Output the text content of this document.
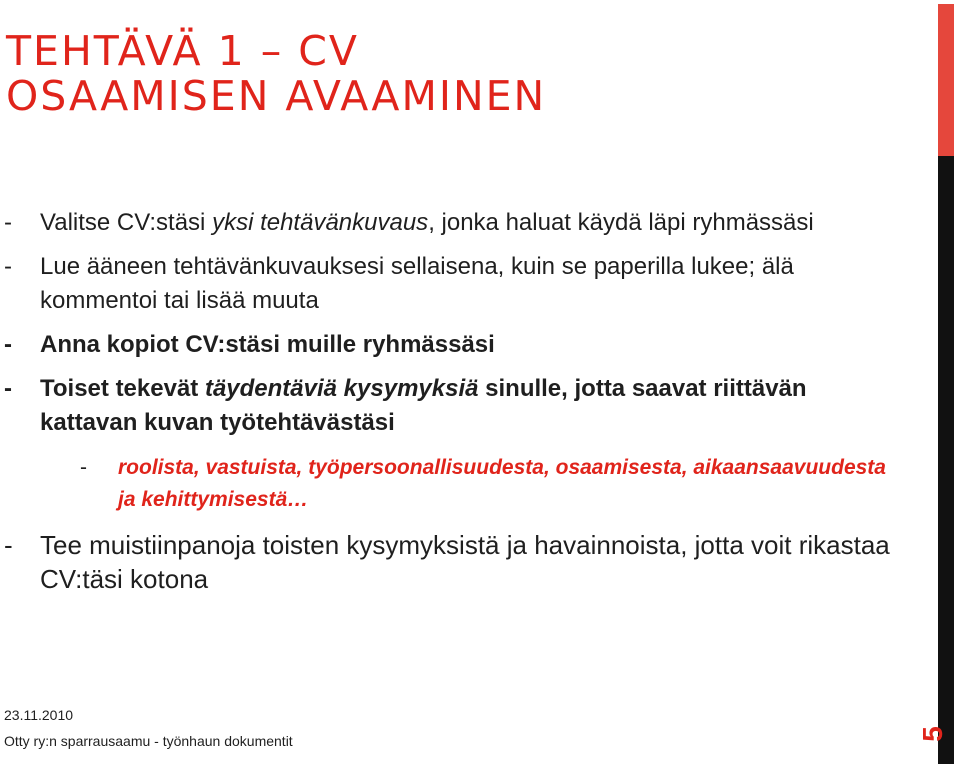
TEHTÄVÄ 1 – CV
OSAAMISEN AVAAMINEN
- Valitse CV:stäsi yksi tehtävänkuvaus, jonka haluat käydä läpi ryhmässäsi
- Lue ääneen tehtävänkuvauksesi sellaisena, kuin se paperilla lukee; älä kommentoi tai lisää muuta
- Anna kopiot CV:stäsi muille ryhmässäsi
- Toiset tekevät täydentäviä kysymyksiä sinulle, jotta saavat riittävän kattavan kuvan työtehtävästäsi
- roolista, vastuista, työpersoonallisuudesta, osaamisesta, aikaansaavuudesta ja kehittymisestä…
- Tee muistiinpanoja toisten kysymyksistä ja havainnoista, jotta voit rikastaa CV:täsi kotona
23.11.2010
Otty ry:n sparrausaamu - työnhaun dokumentit	5
